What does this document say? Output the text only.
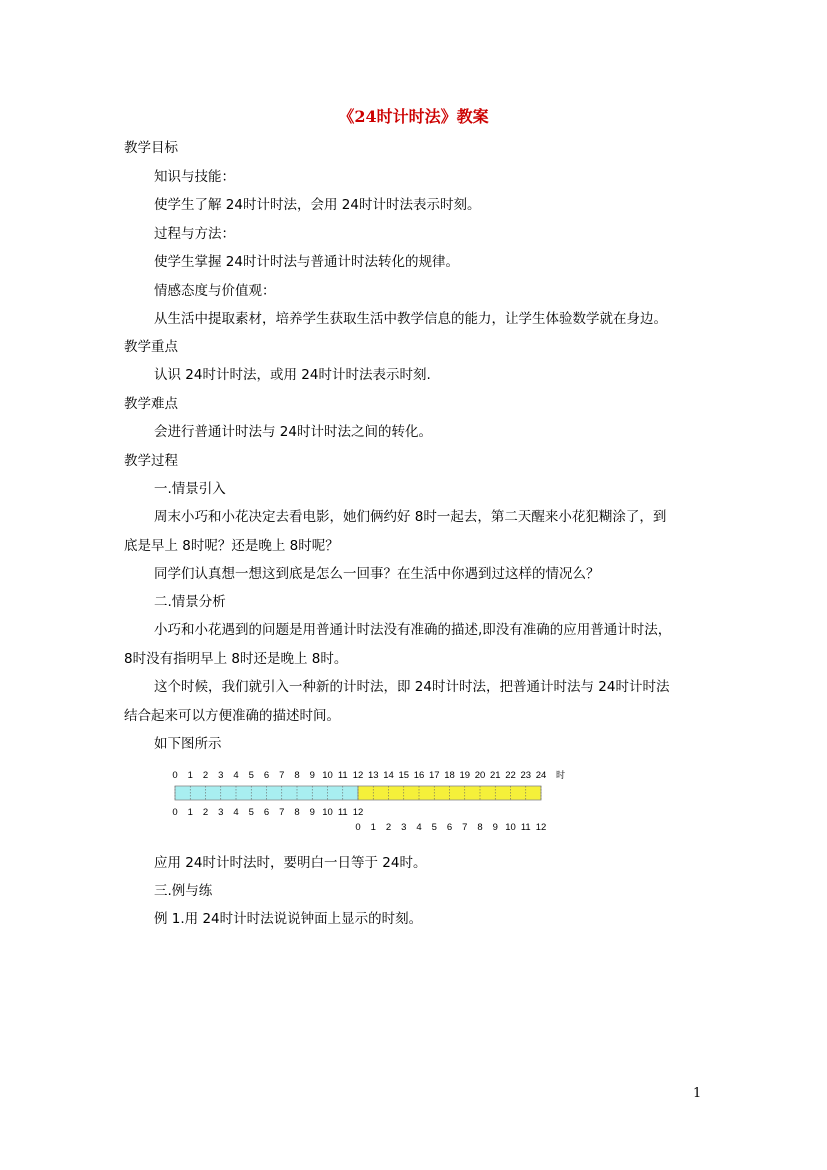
《24时计时法》教案
教学目标
知识与技能：
使学生了解 24时计时法，会用 24时计时法表示时刻。
过程与方法：
使学生掌握 24时计时法与普通计时法转化的规律。
情感态度与价值观：
从生活中提取素材，培养学生获取生活中教学信息的能力，让学生体验数学就在身边。
教学重点
认识 24时计时法，或用 24时计时法表示时刻.
教学难点
会进行普通计时法与 24时计时法之间的转化。
教学过程
一.情景引入
周末小巧和小花决定去看电影，她们俩约好 8时一起去，第二天醒来小花犯糊涂了，到
底是早上 8时呢？还是晚上 8时呢？
同学们认真想一想这到底是怎么一回事？在生活中你遇到过这样的情况么？
二.情景分析
小巧和小花遇到的问题是用普通计时法没有准确的描述,即没有准确的应用普通计时法，
8时没有指明早上 8时还是晚上 8时。
这个时候，我们就引入一种新的计时法，即 24时计时法，把普通计时法与 24时计时法
结合起来可以方便准确的描述时间。
如下图所示
0 1 2 3 4 5 6 7 8 9 10 11 12 13 14 15 16 17 18 19 20 21 22 23 24
0 1 2 3 4 5 6 7 8 9 10 11 12
0 1 2 3 4 5 6 7 8 9 10 11 12
时
应用 24时计时法时，要明白一日等于 24时。
三.例与练
例 1.用 24时计时法说说钟面上显示的时刻。
1
